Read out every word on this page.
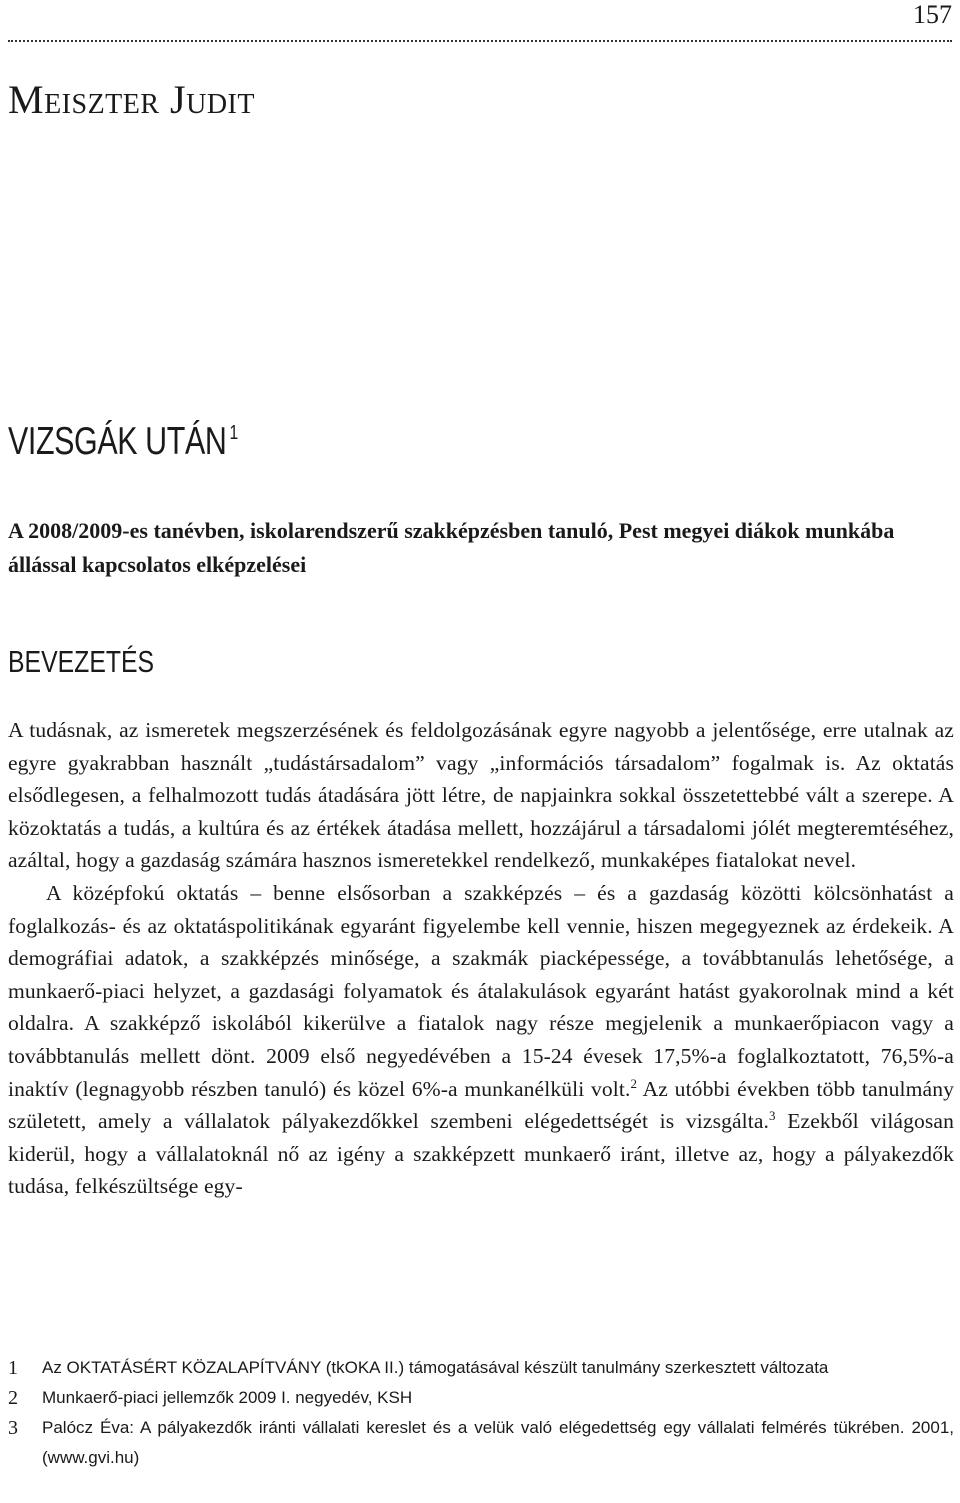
157
Meiszter Judit
VIZSGÁK UTÁN $^1$
A 2008/2009-es tanévben, iskolarendszerű szakképzésben tanuló, Pest megyei diákok munkába állással kapcsolatos elképzelései
BEVEZETÉS

A tudásnak, az ismeretek megszerzésének és feldolgozásának egyre nagyobb a jelentősége, erre utalnak az egyre gyakrabban használt „tudástársadalom” vagy „információs társadalom” fogalmak is. Az oktatás elsődlegesen, a felhalmozott tudás átadására jött létre, de napjainkra sokkal összetettebbé vált a szerepe. A közoktatás a tudás, a kultúra és az értékek átadása mellett, hozzájárul a társadalomi jólét megteremtéséhez, azáltal, hogy a gazdaság számára hasznos ismeretekkel rendelkező, munkaképes fiatalokat nevel.

A középfokú oktatás – benne elsősorban a szakképzés – és a gazdaság közötti kölcsönhatást a foglalkozás- és az oktatáspolitikának egyaránt figyelembe kell vennie, hiszen megegyeznek az érdekeik. A demográfiai adatok, a szakképzés minősége, a szakmák piacképessége, a továbbtanulás lehetősége, a munkaerő-piaci helyzet, a gazdasági folyamatok és átalakulások egyaránt hatást gyakorolnak mind a két oldalra. A szakképző iskolából kikerülve a fiatalok nagy része megjelenik a munkaerőpiacon vagy a továbbtanulás mellett dönt. 2009 első negyedévében a 15-24 évesek 17,5%-a foglalkoztatott, 76,5%-a inaktív (legnagyobb részben tanuló) és közel 6%-a munkanélküli volt.$^2$ Az utóbbi években több tanulmány született, amely a vállalatok pályakezdőkkel szembeni elégedettségét is vizsgálta.$^3$ Ezekből világosan kiderül, hogy a vállalatoknál nő az igény a szakképzett munkaerő iránt, illetve az, hogy a pályakezdők tudása, felkészültsége egy-

1	Az OKTATÁSÉRT KÖZALAPÍTVÁNY (tkOKA II.) támogatásával készült tanulmány szerkesztett változata
2	Munkaerő-piaci jellemzők 2009 I. negyedév, KSH
3	Palócz Éva: A pályakezdők iránti vállalati kereslet és a velük való elégedettség egy vállalati felmérés tükrében. 2001, (www.gvi.hu)
